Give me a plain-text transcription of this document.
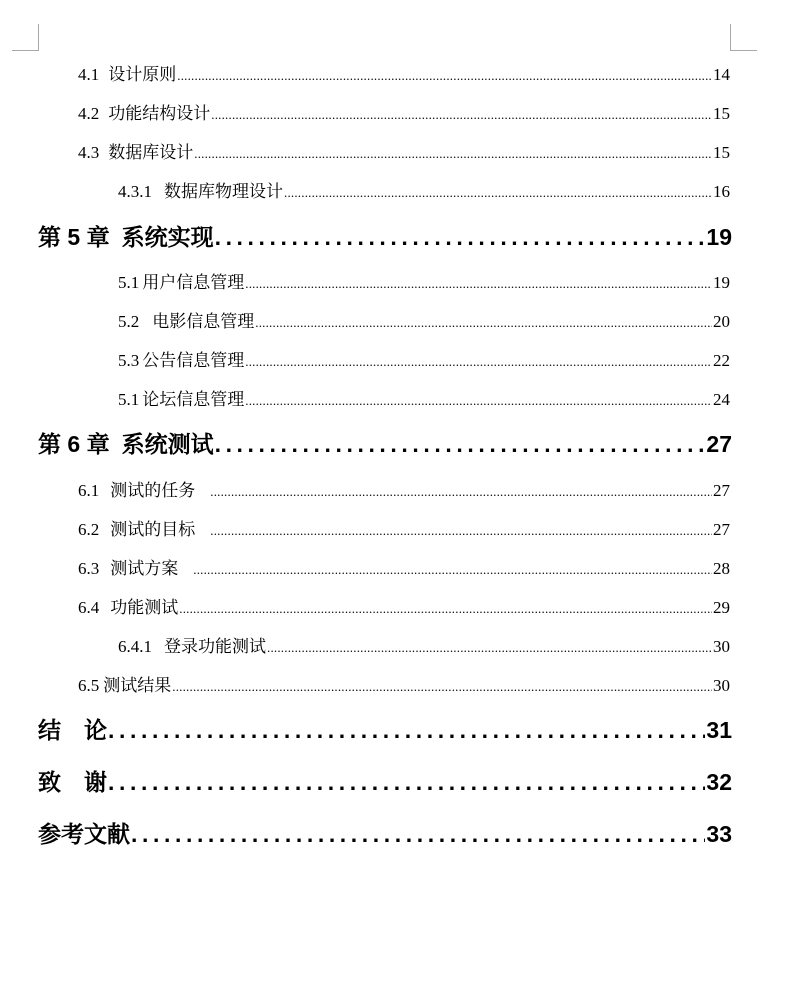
4.1 设计原则 .....	14
4.2 功能结构设计 .....	15
4.3 数据库设计 .....	15
4.3.1 数据库物理设计 .....	16
第 5 章 系统实现 .....	19
5.1 用户信息管理 .....	19
5.2 电影信息管理 .....	20
5.3 公告信息管理 .....	22
5.1 论坛信息管理 .....	24
第 6 章 系统测试 .....	27
6.1 测试的任务 .....	27
6.2 测试的目标 .....	27
6.3 测试方案 .....	28
6.4 功能测试 .....	29
6.4.1 登录功能测试 .....	30
6.5 测试结果 .....	30
结　论 .....	31
致　谢 .....	32
参考文献 .....	33
